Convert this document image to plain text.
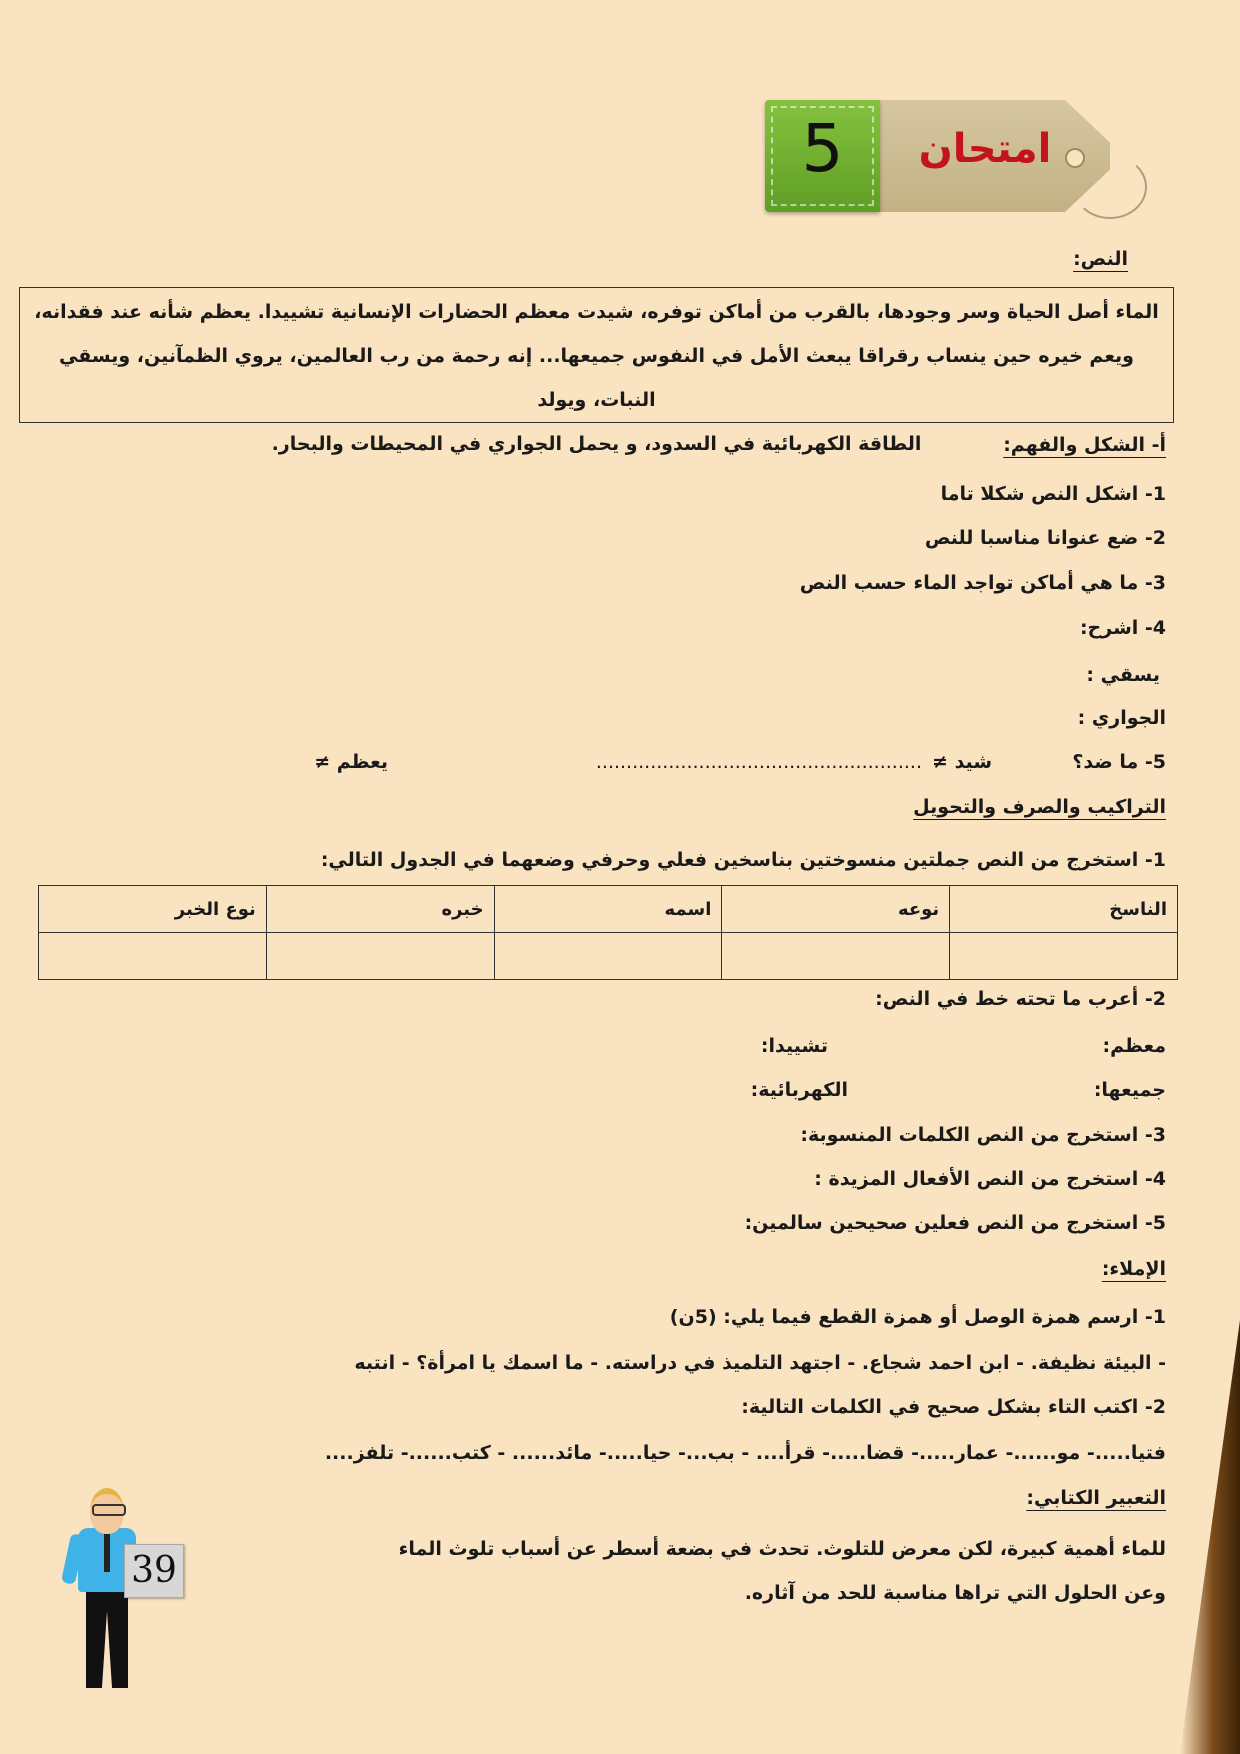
امتحان
5
النص:
الماء أصل الحياة وسر وجودها، بالقرب من أماكن توفره، شيدت معظم الحضارات الإنسانية تشييدا. يعظم شأنه عند فقدانه،
ويعم خيره حين ينساب رقراقا يبعث الأمل في النفوس جميعها... إنه رحمة من رب العالمين، يروي الظمآنين، ويسقي النبات، ويولد
الطاقة الكهربائية في السدود، و يحمل الجواري في المحيطات والبحار.	أ- الشكل والفهم:
1- اشكل النص شكلا تاما
2- ضع عنوانا مناسبا للنص
3- ما هي أماكن تواجد الماء حسب النص
4- اشرح:
يسقي :
الجواري :
5- ما ضد؟
شيد ≠
......................................................
يعظم ≠
التراكيب والصرف والتحويل
1- استخرج من النص جملتين منسوختين بناسخين فعلي وحرفي وضعهما في الجدول التالي:
الناسخ	نوعه	اسمه	خبره	نوع الخبر

2- أعرب ما تحته خط في النص:
معظم:
تشييدا:
جميعها:
الكهربائية:
3- استخرج من النص الكلمات المنسوبة:
4- استخرج من النص الأفعال المزيدة :
5- استخرج من النص فعلين صحيحين سالمين:
الإملاء:
1- ارسم همزة الوصل أو همزة القطع فيما يلي: (5ن)
- البيئة نظيفة. - ابن احمد شجاع. - اجتهد التلميذ في دراسته. - ما اسمك يا امرأة؟ - انتبه
2- اكتب التاء بشكل صحيح في الكلمات التالية:
فتيا.....- مو......- عمار.....- قضا.....- قرأ.... - بب...- حيا.....- مائد...... - كتب......- تلفز....
التعبير الكتابي:
للماء أهمية كبيرة، لكن معرض للتلوث. تحدث في بضعة أسطر عن أسباب تلوث الماء
وعن الحلول التي تراها مناسبة للحد من آثاره.
39
